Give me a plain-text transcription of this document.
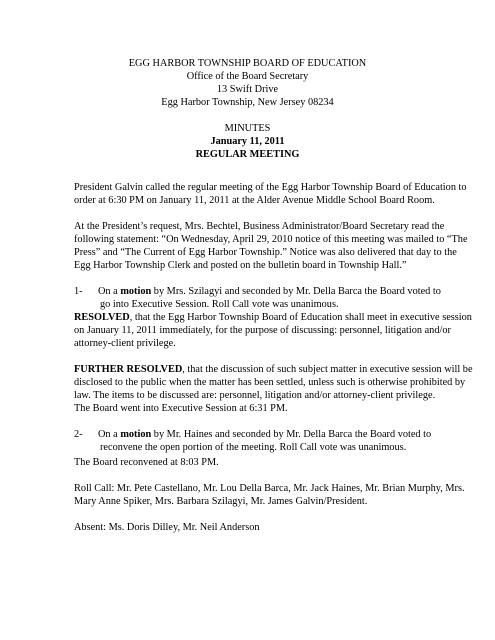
EGG HARBOR TOWNSHIP BOARD OF EDUCATION
Office of the Board Secretary
13 Swift Drive
Egg Harbor Township, New Jersey 08234
MINUTES
January 11, 2011
REGULAR MEETING

President Galvin called the regular meeting of the Egg Harbor Township Board of Education to order at 6:30 PM on January 11, 2011 at the Alder Avenue Middle School Board Room.

At the President’s request, Mrs. Bechtel, Business Administrator/Board Secretary read the following statement: “On Wednesday, April 29, 2010 notice of this meeting was mailed to “The Press” and “The Current of Egg Harbor Township.” Notice was also delivered that day to the Egg Harbor Township Clerk and posted on the bulletin board in Township Hall.”

1- On a motion by Mrs. Szilagyi and seconded by Mr. Della Barca the Board voted to
go into Executive Session. Roll Call vote was unanimous.

RESOLVED, that the Egg Harbor Township Board of Education shall meet in executive session on January 11, 2011 immediately, for the purpose of discussing: personnel, litigation and/or attorney-client privilege.

FURTHER RESOLVED, that the discussion of such subject matter in executive session will be disclosed to the public when the matter has been settled, unless such is otherwise prohibited by law. The items to be discussed are: personnel, litigation and/or attorney-client privilege.

The Board went into Executive Session at 6:31 PM.

2- On a motion by Mr. Haines and seconded by Mr. Della Barca the Board voted to
reconvene the open portion of the meeting. Roll Call vote was unanimous.

The Board reconvened at 8:03 PM.

Roll Call: Mr. Pete Castellano, Mr. Lou Della Barca, Mr. Jack Haines, Mr. Brian Murphy, Mrs. Mary Anne Spiker, Mrs. Barbara Szilagyi, Mr. James Galvin/President.

Absent: Ms. Doris Dilley, Mr. Neil Anderson
